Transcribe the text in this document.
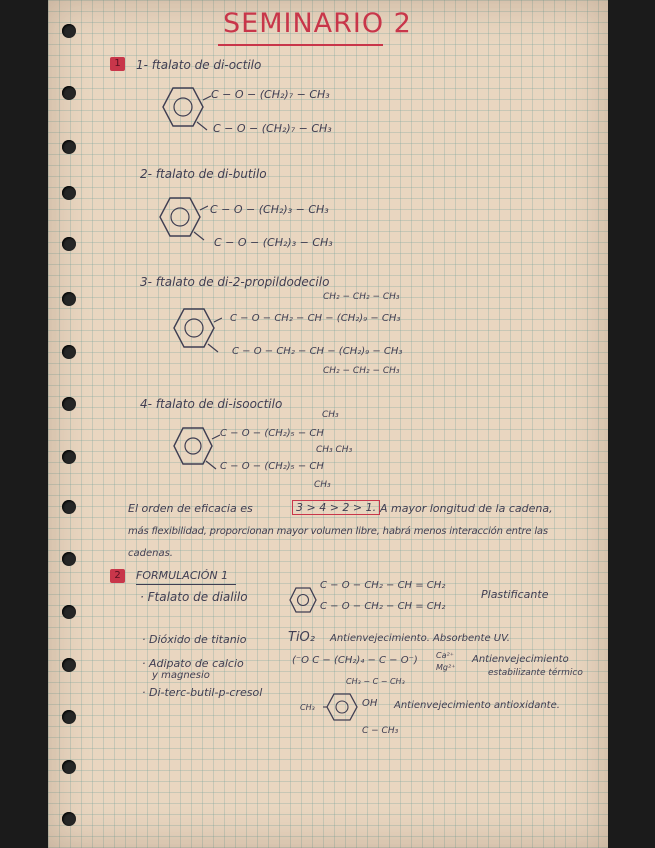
SEMINARIO 2
1	1- ftalato de di-octilo
C − O − (CH₂)₇ − CH₃
C − O − (CH₂)₇ − CH₃
2- ftalato de di-butilo
C − O − (CH₂)₃ − CH₃
C − O − (CH₂)₃ − CH₃
3- ftalato de di-2-propildodecilo
CH₂ − CH₂ − CH₃
C − O − CH₂ − CH − (CH₂)₉ − CH₃
C − O − CH₂ − CH − (CH₂)₉ − CH₃
CH₂ − CH₂ − CH₃
4- ftalato de di-isooctilo
CH₃
C − O − (CH₂)₅ − CH
CH₃ CH₃
C − O − (CH₂)₅ − CH
CH₃
El orden de eficacia es	3 > 4 > 2 > 1. A mayor longitud de la cadena,
más flexibilidad, proporcionan mayor volumen libre, habrá menos interacción entre las
cadenas.
2	FORMULACIÓN 1
· Ftalato de dialilo
C − O − CH₂ − CH = CH₂
C − O − CH₂ − CH = CH₂
Plastificante
· Dióxido de titanio	TiO₂ Antienvejecimiento. Absorbente UV.
· Adipato de calcio
y magnesio
(⁻O C − (CH₂)₄ − C − O⁻) Ca²⁺ Mg²⁺
Antienvejecimiento
estabilizante térmico
· Di-terc-butil-p-cresol
CH₃ − C − CH₃
CH₃	OH
C − CH₃
Antienvejecimiento antioxidante.
